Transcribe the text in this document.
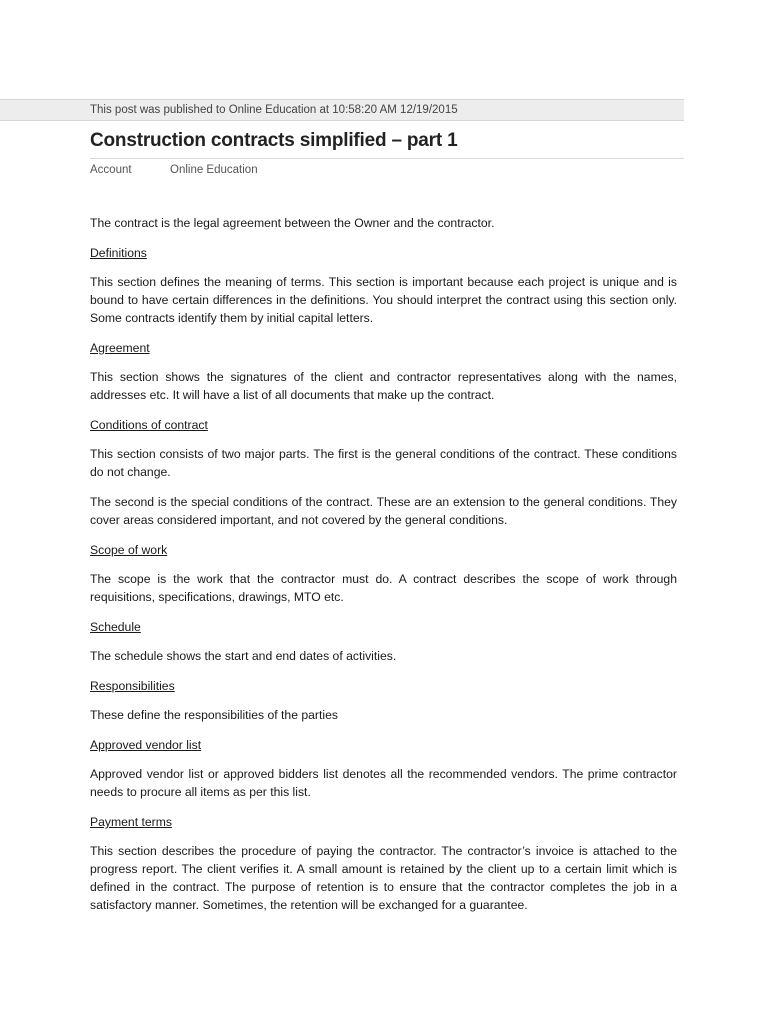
This post was published to Online Education at 10:58:20 AM 12/19/2015
Construction contracts simplified – part 1
Account	Online Education

The contract is the legal agreement between the Owner and the contractor.

Definitions

This section defines the meaning of terms. This section is important because each project is unique and is bound to have certain differences in the definitions. You should interpret the contract using this section only. Some contracts identify them by initial capital letters.

Agreement

This section shows the signatures of the client and contractor representatives along with the names, addresses etc. It will have a list of all documents that make up the contract.

Conditions of contract

This section consists of two major parts. The first is the general conditions of the contract. These conditions do not change.

The second is the special conditions of the contract. These are an extension to the general conditions. They cover areas considered important, and not covered by the general conditions.

Scope of work

The scope is the work that the contractor must do. A contract describes the scope of work through requisitions, specifications, drawings, MTO etc.

Schedule

The schedule shows the start and end dates of activities.

Responsibilities

These define the responsibilities of the parties

Approved vendor list

Approved vendor list or approved bidders list denotes all the recommended vendors. The prime contractor needs to procure all items as per this list.

Payment terms

This section describes the procedure of paying the contractor. The contractor’s invoice is attached to the progress report. The client verifies it. A small amount is retained by the client up to a certain limit which is defined in the contract. The purpose of retention is to ensure that the contractor completes the job in a satisfactory manner. Sometimes, the retention will be exchanged for a guarantee.
